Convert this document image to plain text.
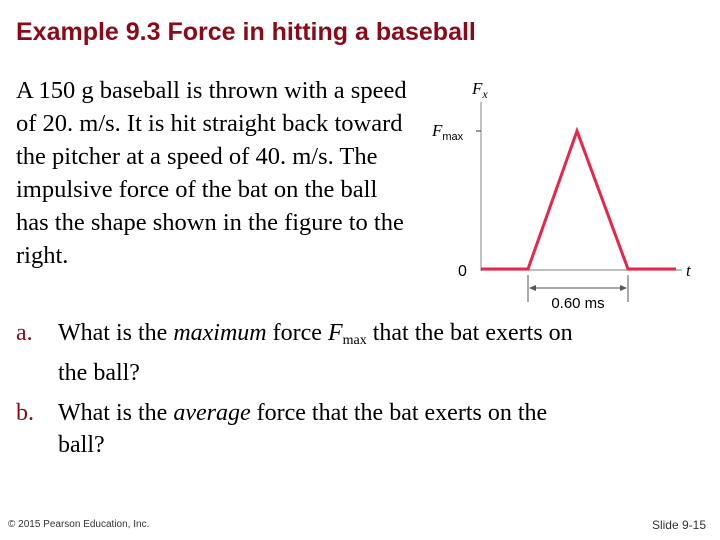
Example 9.3 Force in hitting a baseball
A 150 g baseball is thrown with a speed of 20. m/s. It is hit straight back toward the pitcher at a speed of 40. m/s. The impulsive force of the bat on the ball has the shape shown in the figure to the right.
$F_x$
$F_{max}$
0	t
0.60 ms
a.	What is the maximum force $F_{max}$ that the bat exerts on the ball?
b.	What is the average force that the bat exerts on the ball?
© 2015 Pearson Education, Inc.	Slide 9-15
